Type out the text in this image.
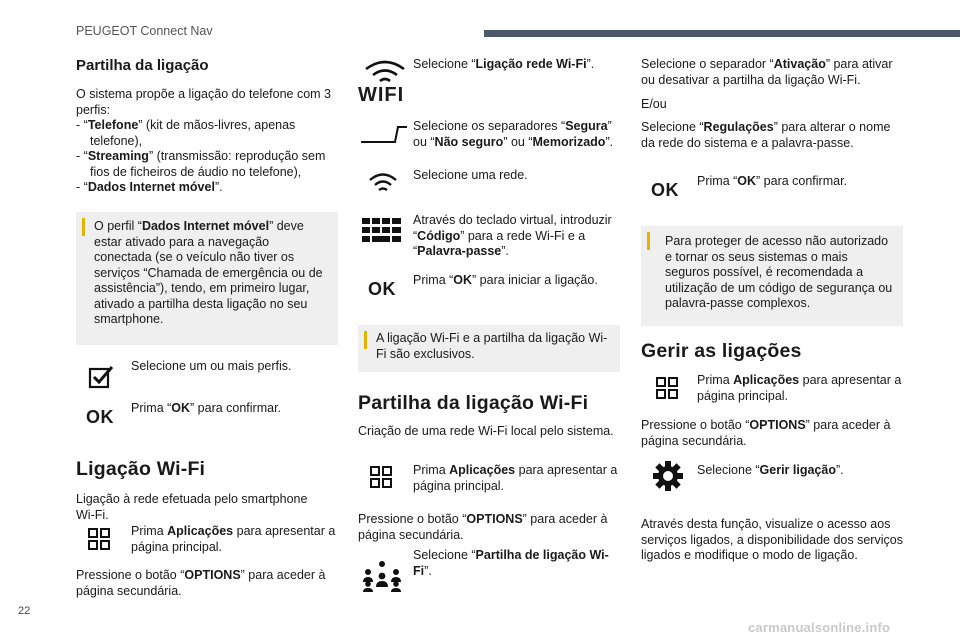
PEUGEOT Connect Nav
Partilha da ligação

O sistema propõe a ligação do telefone com 3 perfis:

- “Telefone” (kit de mãos-livres, apenas telefone),
- “Streaming” (transmissão: reprodução sem fios de ficheiros de áudio no telefone),
- “Dados Internet móvel”.

O perfil “Dados Internet móvel” deve estar ativado para a navegação conectada (se o veículo não tiver os serviços “Chamada de emergência ou de assistência”), tendo, em primeiro lugar, ativado a partilha desta ligação no seu smartphone.

Selecione um ou mais perfis.

OK Prima “OK” para confirmar.

Ligação Wi-Fi

Ligação à rede efetuada pelo smartphone Wi-Fi.

Prima Aplicações para apresentar a página principal.

Pressione o botão “OPTIONS” para aceder à página secundária.

WIFI

Selecione “Ligação rede Wi-Fi”.

Selecione os separadores “Segura” ou “Não seguro” ou “Memorizado”.

Selecione uma rede.

Através do teclado virtual, introduzir “Código” para a rede Wi-Fi e a “Palavra-passe”.

OK Prima “OK” para iniciar a ligação.

A ligação Wi-Fi e a partilha da ligação Wi-Fi são exclusivos.

Partilha da ligação Wi-Fi

Criação de uma rede Wi-Fi local pelo sistema.

Prima Aplicações para apresentar a página principal.

Pressione o botão “OPTIONS” para aceder à página secundária.

Selecione “Partilha de ligação Wi-Fi”.

Selecione o separador “Ativação” para ativar ou desativar a partilha da ligação Wi-Fi.

E/ou

Selecione “Regulações” para alterar o nome da rede do sistema e a palavra-passe.

OK Prima “OK” para confirmar.

Para proteger de acesso não autorizado e tornar os seus sistemas o mais seguros possível, é recomendada a utilização de um código de segurança ou palavra-passe complexos.

Gerir as ligações

Prima Aplicações para apresentar a página principal.

Pressione o botão “OPTIONS” para aceder à página secundária.

Selecione “Gerir ligação”.

Através desta função, visualize o acesso aos serviços ligados, a disponibilidade dos serviços ligados e modifique o modo de ligação.

22
carmanualsonline.info
